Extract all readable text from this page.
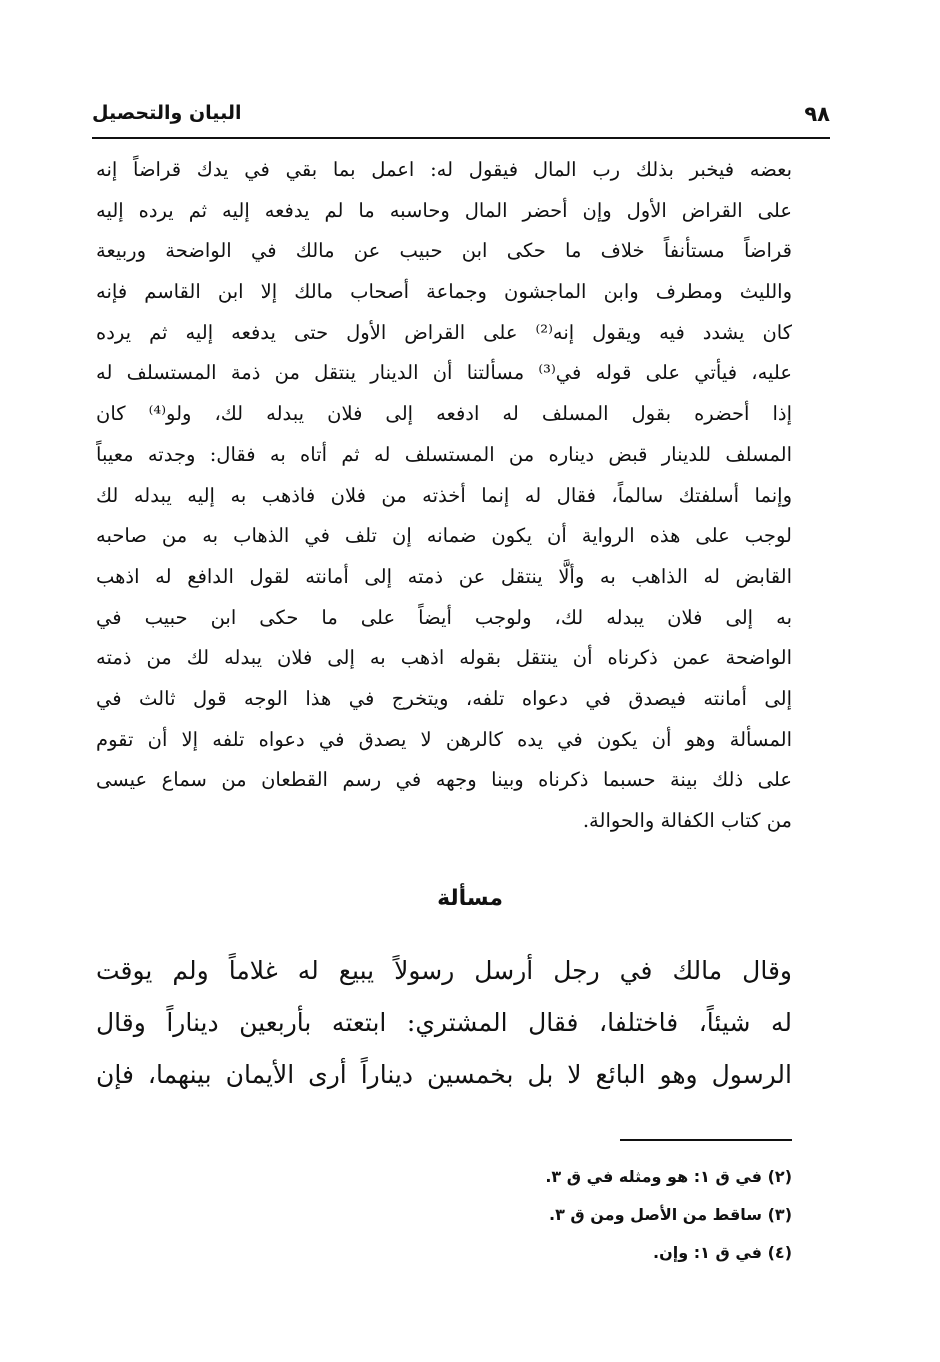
٩٨
البيان والتحصيل
بعضه فيخبر بذلك رب المال فيقول له: اعمل بما بقي في يدك قراضاً إنه
على القراض الأول وإن أحضر المال وحاسبه ما لم يدفعه إليه ثم يرده إليه
قراضاً مستأنفاً خلاف ما حكى ابن حبيب عن مالك في الواضحة وربيعة
والليث ومطرف وابن الماجشون وجماعة أصحاب مالك إلا ابن القاسم فإنه
كان يشدد فيه ويقول إنه⁽²⁾ على القراض الأول حتى يدفعه إليه ثم يرده
عليه، فيأتي على قوله في⁽³⁾ مسألتنا أن الدينار ينتقل من ذمة المستسلف له
إذا أحضره بقول المسلف له ادفعه إلى فلان يبدله لك، ولو⁽⁴⁾ كان
المسلف للدينار قبض ديناره من المستسلف له ثم أتاه به فقال: وجدته معيباً
وإنما أسلفتك سالماً، فقال له إنما أخذته من فلان فاذهب به إليه يبدله لك
لوجب على هذه الرواية أن يكون ضمانه إن تلف في الذهاب به من صاحبه
القابض له الذاهب به وألَّا ينتقل عن ذمته إلى أمانته لقول الدافع له اذهب
به إلى فلان يبدله لك، ولوجب أيضاً على ما حكى ابن حبيب في
الواضحة عمن ذكرناه أن ينتقل بقوله اذهب به إلى فلان يبدله لك من ذمته
إلى أمانته فيصدق في دعواه تلفه، ويتخرج في هذا الوجه قول ثالث في
المسألة وهو أن يكون في يده كالرهن لا يصدق في دعواه تلفه إلا أن تقوم
على ذلك بينة حسبما ذكرناه وبينا وجهه في رسم القطعان من سماع عيسى
من كتاب الكفالة والحوالة.
مسألة
وقال مالك في رجل أرسل رسولاً يبيع له غلاماً ولم يوقت
له شيئاً، فاختلفا، فقال المشتري: ابتعته بأربعين ديناراً وقال
الرسول وهو البائع لا بل بخمسين ديناراً أرى الأيمان بينهما، فإن
(٢) في ق ١: هو ومثله في ق ٣.
(٣) ساقط من الأصل ومن ق ٣.
(٤) في ق ١: وإن.
